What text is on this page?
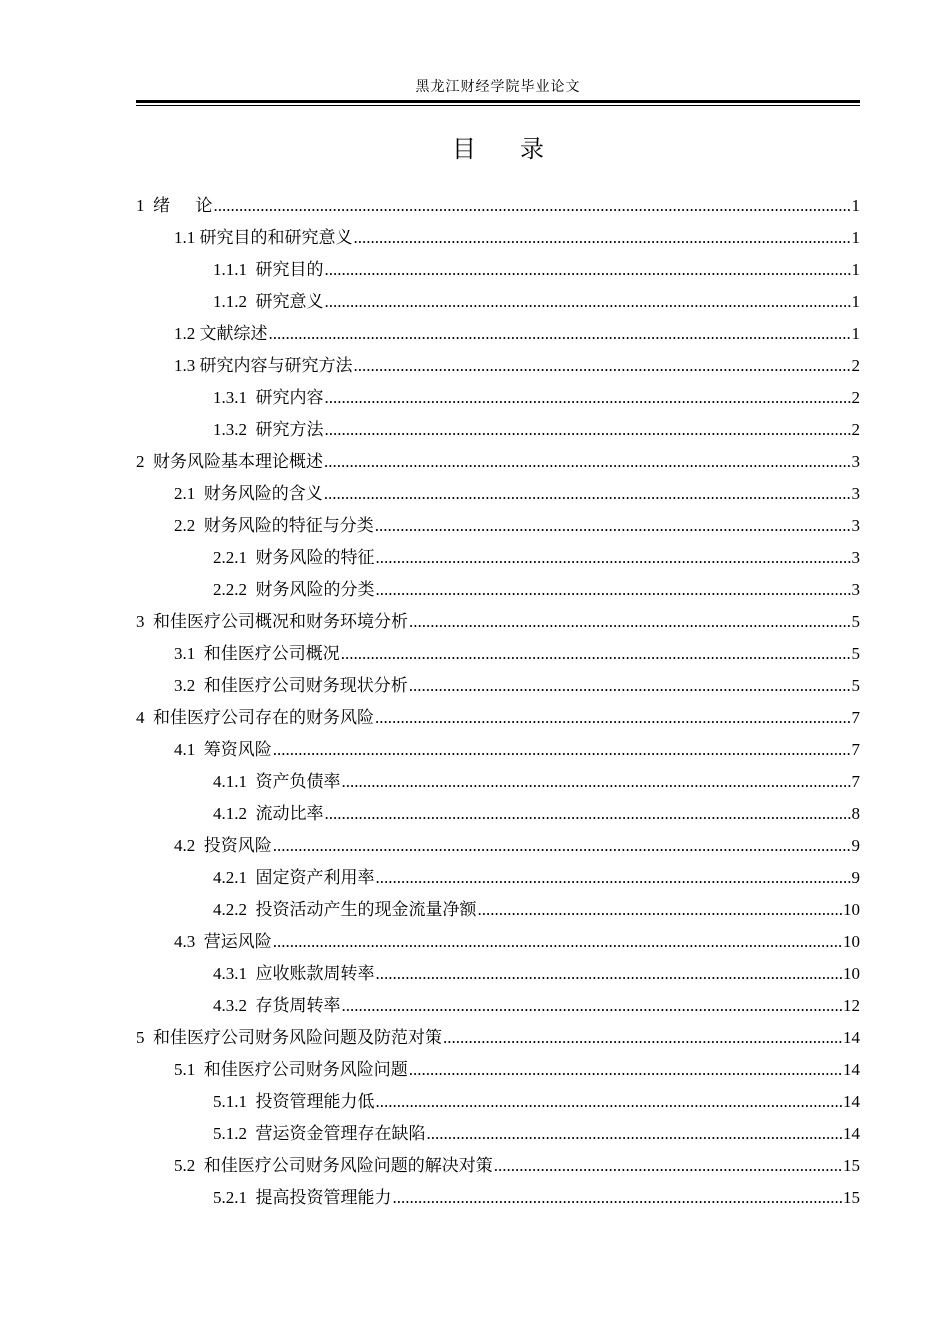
黑龙江财经学院毕业论文
目 录
1  绪      论 .....	1
1.1 研究目的和研究意义 .....	1
1.1.1  研究目的 .....	1
1.1.2  研究意义 .....	1
1.2 文献综述 .....	1
1.3 研究内容与研究方法 .....	2
1.3.1  研究内容 .....	2
1.3.2  研究方法 .....	2
2  财务风险基本理论概述 .....	3
2.1  财务风险的含义 .....	3
2.2  财务风险的特征与分类 .....	3
2.2.1  财务风险的特征 .....	3
2.2.2  财务风险的分类 .....	3
3  和佳医疗公司概况和财务环境分析 .....	5
3.1  和佳医疗公司概况 .....	5
3.2  和佳医疗公司财务现状分析 .....	5
4  和佳医疗公司存在的财务风险 .....	7
4.1  筹资风险 .....	7
4.1.1  资产负债率 .....	7
4.1.2  流动比率 .....	8
4.2  投资风险 .....	9
4.2.1  固定资产利用率 .....	9
4.2.2  投资活动产生的现金流量净额 .....	10
4.3  营运风险 .....	10
4.3.1  应收账款周转率 .....	10
4.3.2  存货周转率 .....	12
5  和佳医疗公司财务风险问题及防范对策 .....	14
5.1  和佳医疗公司财务风险问题 .....	14
5.1.1  投资管理能力低 .....	14
5.1.2  营运资金管理存在缺陷 .....	14
5.2  和佳医疗公司财务风险问题的解决对策 .....	15
5.2.1  提高投资管理能力 .....	15
